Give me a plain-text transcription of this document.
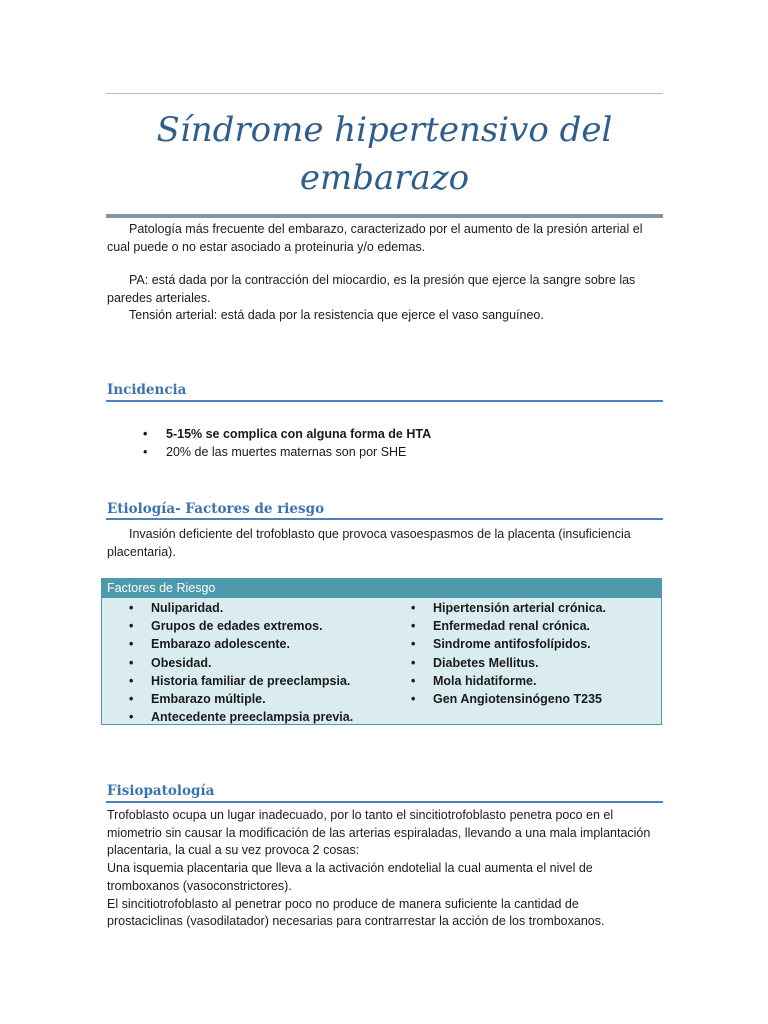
Síndrome hipertensivo del
embarazo

Patología más frecuente del embarazo, caracterizado por el aumento de la presión arterial el cual puede o no estar asociado a proteinuria y/o edemas.

PA: está dada por la contracción del miocardio, es la presión que ejerce la sangre sobre las paredes arteriales.

Tensión arterial: está dada por la resistencia que ejerce el vaso sanguíneo.

Incidencia
• 5-15% se complica con alguna forma de HTA
• 20% de las muertes maternas son por SHE
Etiología- Factores de riesgo

Invasión deficiente del trofoblasto que provoca vasoespasmos de la placenta (insuficiencia placentaria).

Factores de Riesgo
• Nuliparidad.
• Grupos de edades extremos.
• Embarazo adolescente.
• Obesidad.
• Historia familiar de preeclampsia.
• Embarazo múltiple.
• Antecedente preeclampsia previa.
• Hipertensión arterial crónica.
• Enfermedad renal crónica.
• Sindrome antifosfolípidos.
• Diabetes Mellitus.
• Mola hidatiforme.
• Gen Angiotensinógeno T235
Fisiopatología
Trofoblasto ocupa un lugar inadecuado, por lo tanto el sincitiotrofoblasto penetra poco en el
miometrio sin causar la modificación de las arterias espiraladas, llevando a una mala implantación
placentaria, la cual a su vez provoca 2 cosas:
Una isquemia placentaria que lleva a la activación endotelial la cual aumenta el nivel de
tromboxanos (vasoconstrictores).
El sincitiotrofoblasto al penetrar poco no produce de manera suficiente la cantidad de
prostaciclinas (vasodilatador) necesarias para contrarrestar la acción de los tromboxanos.
